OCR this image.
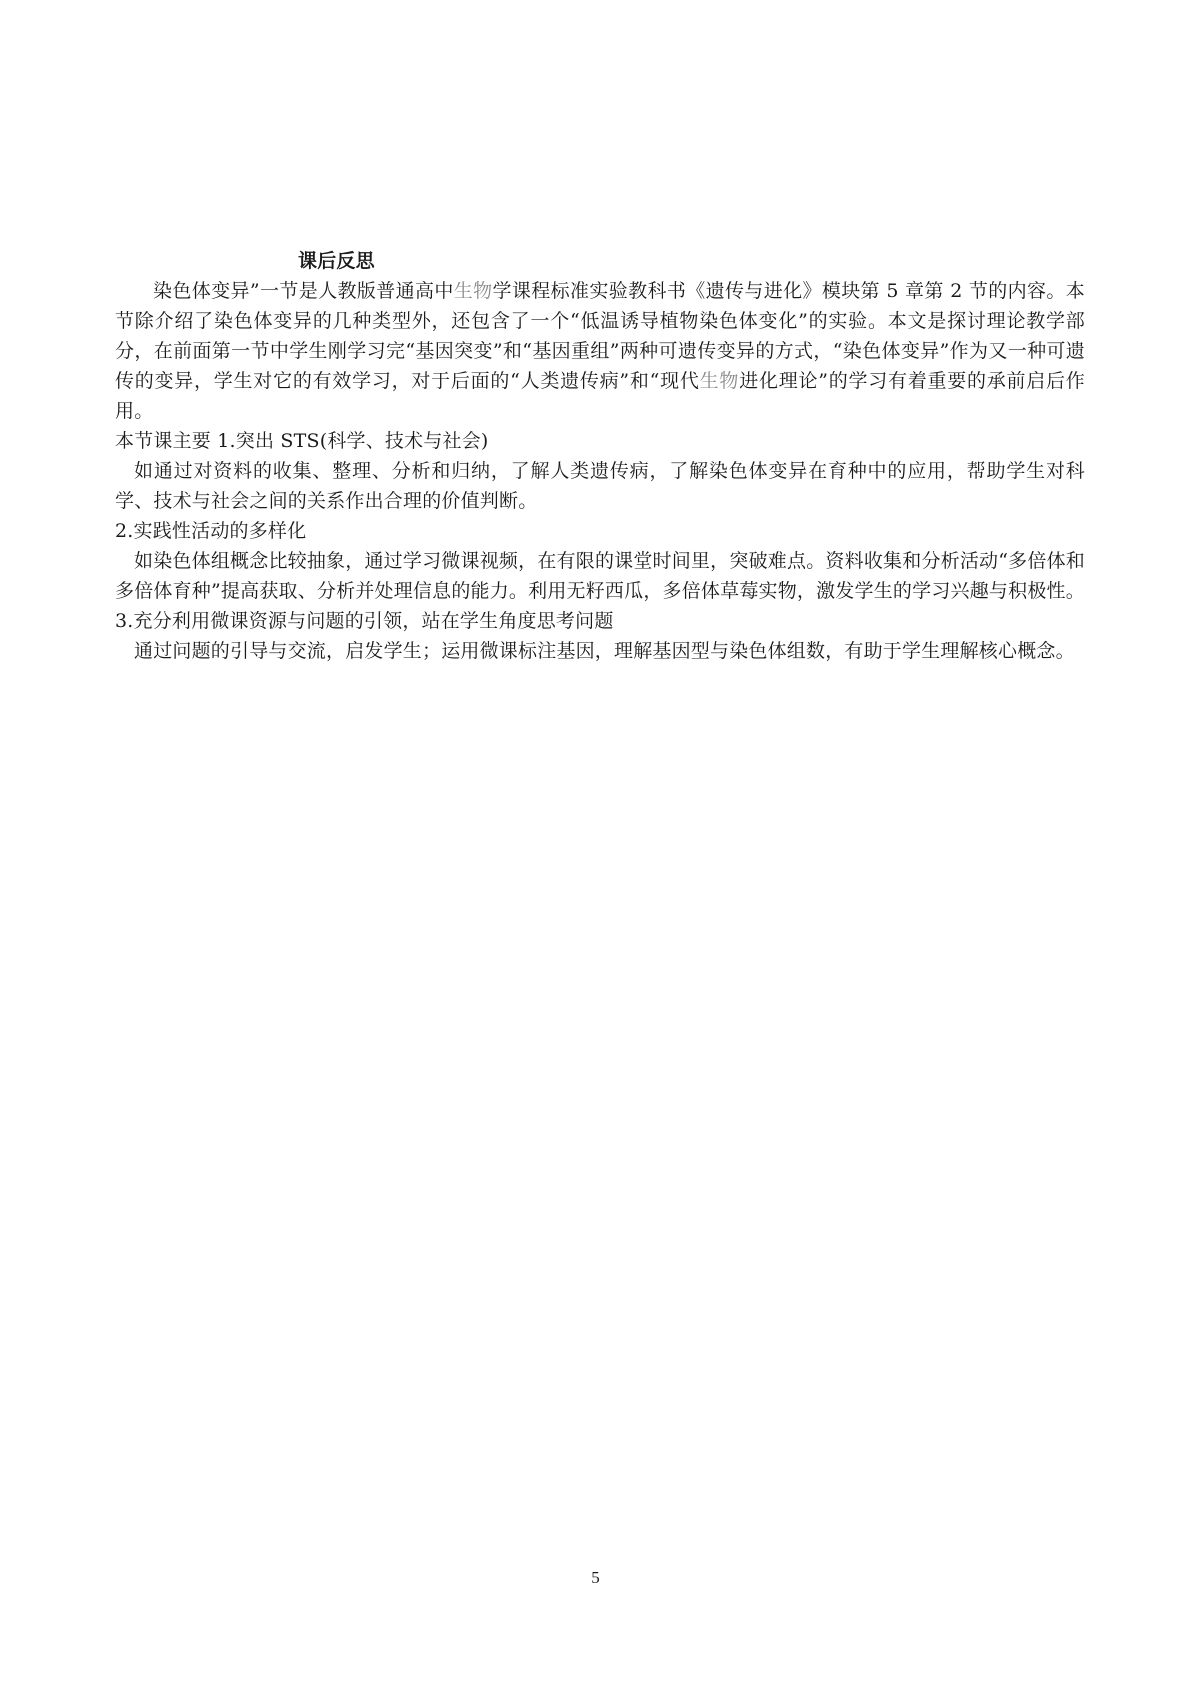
课后反思

染色体变异”一节是人教版普通高中生物学课程标准实验教科书《遗传与进化》模块第 5 章第 2 节的内容。本节除介绍了染色体变异的几种类型外，还包含了一个“低温诱导植物染色体变化”的实验。本文是探讨理论教学部分，在前面第一节中学生刚学习完“基因突变”和“基因重组”两种可遗传变异的方式，“染色体变异”作为又一种可遗传的变异，学生对它的有效学习，对于后面的“人类遗传病”和“现代生物进化理论”的学习有着重要的承前启后作用。

本节课主要 1.突出 STS(科学、技术与社会)

如通过对资料的收集、整理、分析和归纳，了解人类遗传病，了解染色体变异在育种中的应用，帮助学生对科学、技术与社会之间的关系作出合理的价值判断。

2.实践性活动的多样化

如染色体组概念比较抽象，通过学习微课视频，在有限的课堂时间里，突破难点。资料收集和分析活动“多倍体和多倍体育种”提高获取、分析并处理信息的能力。利用无籽西瓜，多倍体草莓实物，激发学生的学习兴趣与积极性。

3.充分利用微课资源与问题的引领，站在学生角度思考问题

通过问题的引导与交流，启发学生；运用微课标注基因，理解基因型与染色体组数，有助于学生理解核心概念。

5
